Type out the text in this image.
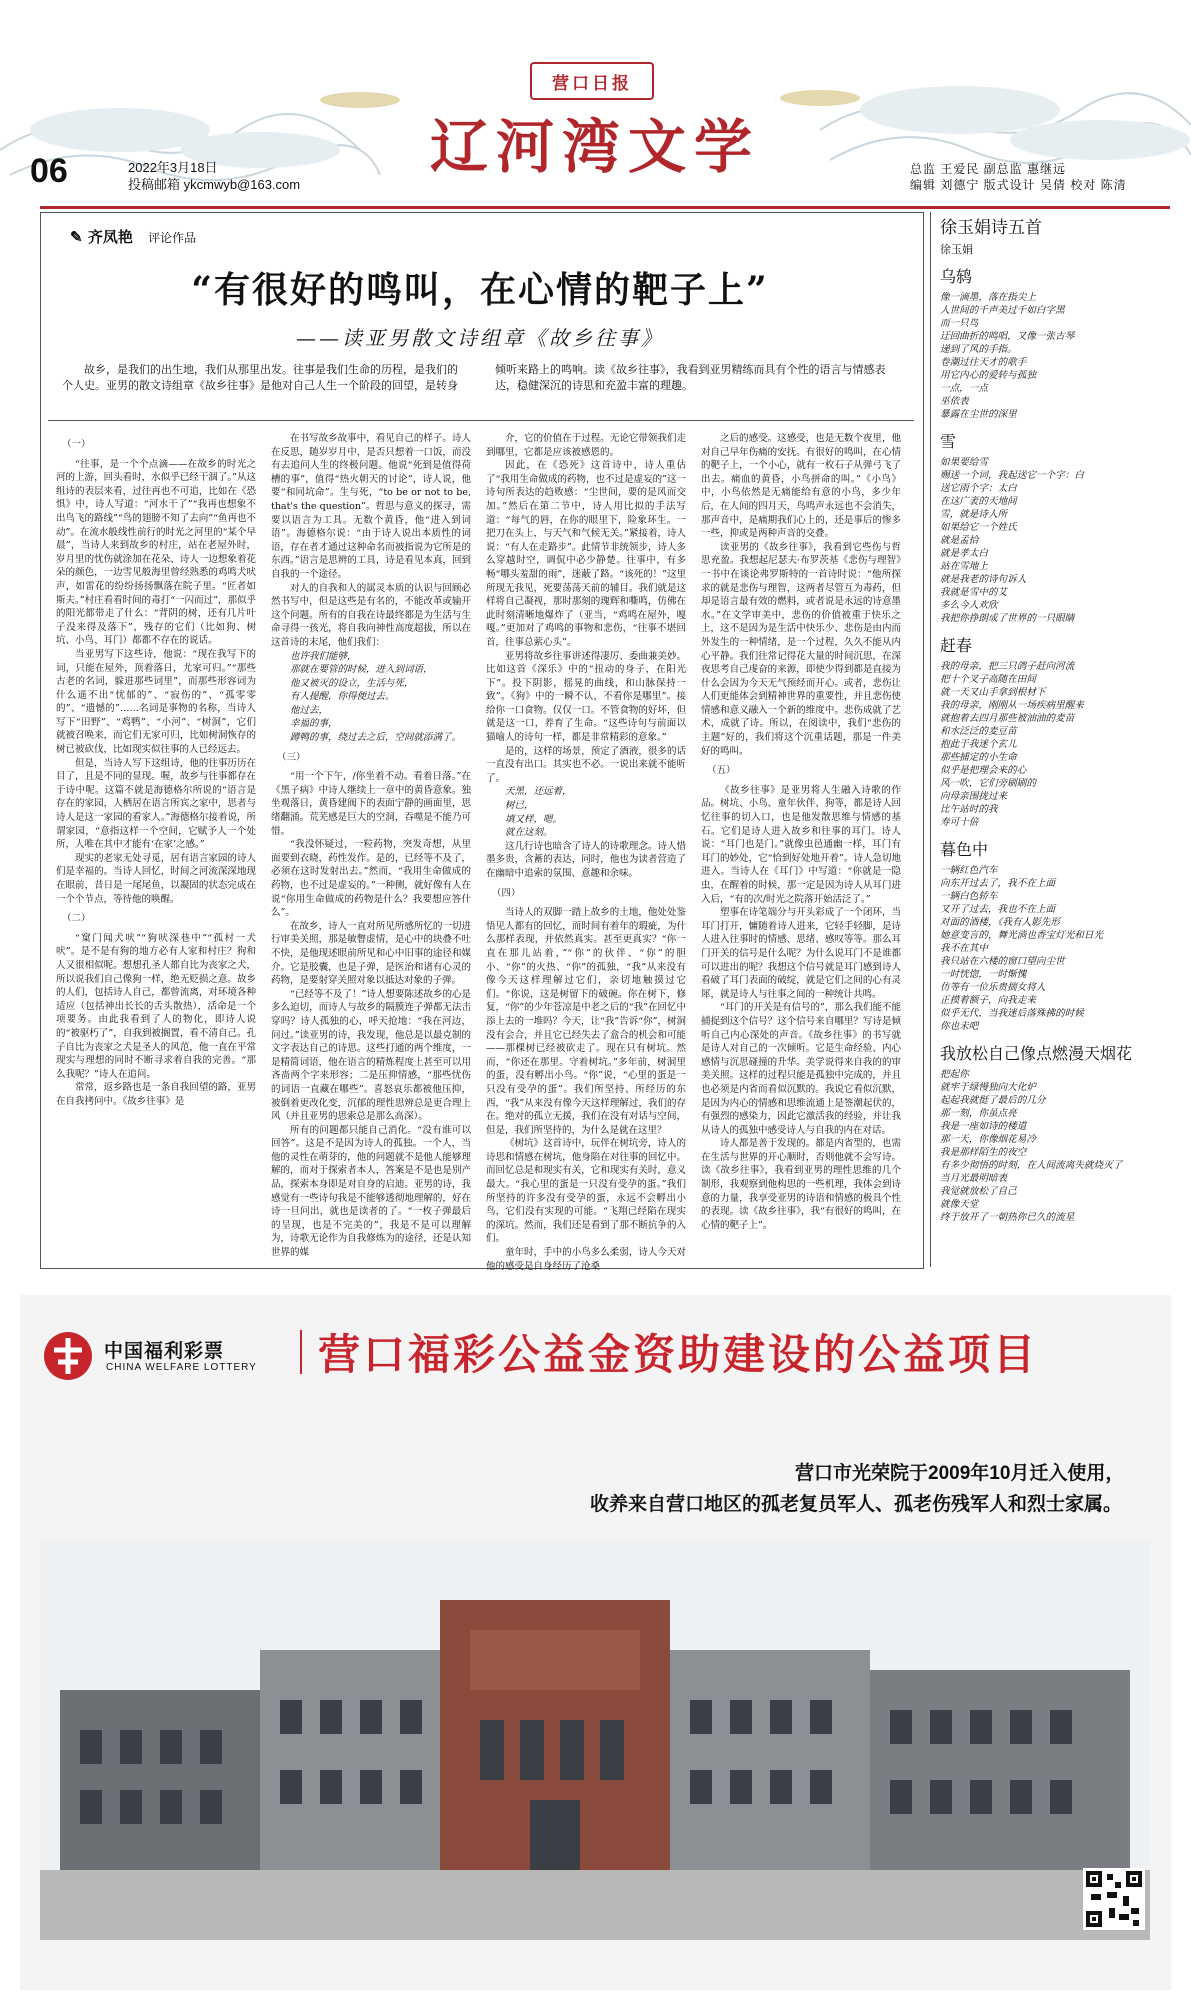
营口日报
辽河湾文学
06	2022年3月18日
投稿邮箱 ykcmwyb@163.com
总监 王爱民 副总监 惠继远
编辑 刘德宁 版式设计 吴倩 校对 陈清
✎ 齐凤艳 评论作品
“有很好的鸣叫，在心情的靶子上”
——读亚男散文诗组章《故乡往事》

故乡，是我们的出生地，我们从那里出发。往事是我们生命的历程，是我们的个人史。亚男的散文诗组章《故乡往事》是他对自己人生一个阶段的回望，是转身倾听来路上的鸣响。读《故乡往事》，我看到亚男精练而具有个性的语言与情感表达，稳健深沉的诗思和充盈丰富的理趣。

（一）

“往事，是一个个点滴——在故乡的时光之河的上游，回头看时，水似乎已经干涸了。”从这组诗的表层来看，过往再也不可追，比如在《恐惧》中，诗人写道：“河水干了”“我再也想象不出鸟飞的路线”“鸟的翅膀不知了去向”“鱼再也不动”。在流水般线性前行的时光之河里的“某个早晨”，当诗人来到故乡的村庄，站在老屋外时，岁月里的忧伤就涂加在花朵、诗人一边想象着花朵的颜色，一边雪见般海里曾经熟悉的鸡鸣犬吠声，如雷花的纷纷扬扬飘落在院子里。“匠者如斯夫。”村庄看看时间的毒打“一闪而过”，那似乎的阳光都带走了什么：“背阴的树，还有几片叶子没来得及落下”，残存的它们（比如狗、树坑、小鸟、耳门）都都不存在的说话。

当亚男写下这些诗，他说：“现在我写下的词，只能在屋外，顶着落日，尤家可归。”“那些古老的名词，躲进那些词里”，而那些形容词为什么遥不出“忧郁的”、“寂伤的”、“孤零零的”、“遗憾的”……名词是事物的名称，当诗人写下“田野”、“鸡鸭”、“小河”、“树洞”，它们就被召唤来，而它们无家可归，比如树洞恢存的树已被砍伐，比如现实似往事的人已经远去。

但是，当诗人写下这组诗，他的往事历历在目了，且是不同的显现。喔，故乡与往事都存在于诗中呢。这篇不就是海德格尔所说的“语言是存在的家园，人栖居在语言所宾之家中，思者与诗人是这一家园的看家人。”海德格尔接着说，所谓家园，“意指这样一个空间，它赋予人一个处所，人唯在其中才能有‘在家’之感。”

现实的老家无处寻觅，居有语言家园的诗人们是幸福的。当诗人回忆，时间之河流深深地现在眼前，昔日是一尾尾鱼，以凝固的状态完成在一个个节点，等待他的唤醒。

（二）

“窠门闻犬吠”“狗吠深巷中”“孤村一犬吠”。是不是有狗的地方必有人家和村庄？狗和人又很相似呢。想想孔圣人都自比为丧家之犬，所以说我们自己像狗一样，绝无贬损之意。故乡的人们，包括诗人自己，都曾流离，对环境各种适应（包括神出长长的舌头散热），活命是一个项要务。由此我看到了人的物化，即诗人说的“被驱朽了”，自我到被搁置，看不清自己。孔子自比为丧家之犬是圣人的风范，他一直在平常现实与理想的同时不断寻求着自我的完善。“那么我呢？”诗人在追问。

常常，返乡路也是一条自我回望的路，亚男在自我拷问中。《故乡往事》是

在书写故乡故事中，看见自己的样子。诗人在反思，随岁岁月中，是否只想着一口饭，而没有去追问人生的终极问题。他说“死到是值得荷槽的事”，值得“热火朝天的讨论”，诗人说，他要“和同坑命”。生与死，“to be or not to be, that's the question”。哲思与意义的探寻，需要以语言为工具。无数个黄昏，他“进入到词语”。海德格尔说：“由于诗人说出本质性的词语，存在者才通过这种命名而被指说为它所是的东西。”语言是思辨的工具，诗是看见本真，回到自我的一个途径。

对人的自我和人的属灵本质的认识与回顾必然书写中，但是这些是有名的，不能改革或输开这个问题。所有的自我在诗最终都是为生活与生命寻得一孩光，将自我向神性高度超拔，所以在这首诗的末尾，他们我们：

也许我们能够，

那就在要管的时候，进入到词语，

他又被灭的设立，生活与死，

有人提醒，你得便过去。

他过去，

幸福的事，

蹲鸭的事，绕过去之后，空间就添满了。

（三）

“用一个下午，/你坐着不动。看着日落。”在《黑子病》中诗人继续上一章中的黄昏意象。独坐观落日，黄昏建阀下的表面宁静的画面里，思绪翻涌。荒芜感是巨大的空洞，吞噬是不能乃可惜。

“我没怀疑过，一粒药物，突发奇想，从里面要到衣晓，药性发作。是的，已经等不及了，必须在这时发射出去。”然而，“我用生命做成的药物，也不过是虚妄的。”一种侧，就好像有人在说“你用生命做成的药物是什么？我要想应答什么”。

在故乡，诗人一直对所见所感所忆的一切进行审美关照，那是敏瞥虚情，是心中的块叠不吐不快，是他现述眼前所见和心中旧事的途径和媒介。它是胶囊，也是子弹，是医治和诸有心灵的药物，是要射穿关照对象以抵达对象的子弹。

“已经等不及了！”诗人想要陈述故乡的心是多么迫切，而诗人与故乡的隔膜连子弹都无法击穿吗？诗人孤独的心，呼天抢地：“我在河边，问过。”读亚男的诗，我发现，他总是以最克制的文字表达自己的诗思。这些打通的两个维度，一是精简词语，他在语言的精炼程度上甚至可以用吝啬两个字来形容；二是压抑情感，“那些忧伤的词语一直藏在哪些”。喜怒哀乐都被他压抑，被倒着更改化变，沉郁的理性思辨总是更合理上风（并且亚男的思索总是那么高深）。

所有的问题都只能自己消化。“没有谁可以回答”。这是不是因为诗人的孤独。一个人，当他的灵性在萌芽的，他的问题就不是他人能够理解的，而对于探索者本人，答案是不是也是别产品，探索本身即是对自身的启迪。亚男的诗，我感觉有一些诗句我是不能够透彻地理解的，好在诗一旦问出，就也是读者的了。“一枚子弹最后的呈现，也是不完美的”，我是不是可以理解为，诗歌无论作为自我修炼为的途径，还是认知世界的媒

介，它的价值在于过程。无论它带领我们走到哪里，它都是应该被感恩的。

因此，在《恐死》这首诗中，诗人重估了“我用生命做成的药物，也不过是虚妄的”这一诗句所表达的趋败感：“尘世间，要的是风而交加。”然后在第二节中，诗人用比拟的手法写道：“每气的唇，在你的眼里下，险象环生。一把刀在头上，与天气和气候无关。”紧接着，诗人说：“有人在走路步”。此情节非统领步，诗人多么穿越时空，调侃中必少静楚。往事中，有多畅“哪头羞甜的雨”，迷蔽了路。“该死的！”这里所现无我见，死要荡荡天前的辅目。我们就是这样将自己凝视，那时那刻的瑰辉和嘶鸣，仿佛在此时刻清晰地爆炸了（亚当，“鸡鸣在屋外，嘎嘎。”更加对了鸡鸣的事物和悲伤，“往事不堪回首，往事总萦心头”。

亚男将故乡往事讲述得凄厉、委曲兼美妙。比如这首《深乐》中的“扭动的身子，在阳光下”。投下阴影，摇晃的曲线，和山脉保持一致”。《狗》中的一瞬不认，不看你是哪里”。接给你一口食物。仅仅一口。不管食物的好坏，但就是这一口，养育了生命。“这些诗句与前面以猫喻人的诗句一样，都是非常精彩的意象。”

是的，这样的场景，预定了酒液，很多的话一直没有出口。其实也不必。一说出来就不能听了。

天黑，还远着，

树已，

填又样，嗯。

就在这刻。

这几行诗也暗含了诗人的诗歌理念。诗人惜墨多贵，含蓄的表达，同时，他也为读者营造了在幽暗中追索的氛围、意趣和余味。

（四）

当诗人的双脚一踏上故乡的土地，他处处鉴悟见人都有的回忆，而时间有着年的瑕疵，为什么那样表现，并依然真实。甚至更真实？“你一直在那儿站着，”“你”的伙伴、“你”的胆小、“你”的火热、“你”的孤独，“我”从来没有像今天这样理解过它们，亲切地触摸过它们。“你说，这是树留下的破碗。你在树下，修复，“你”的少年苍凉是中老之后的“我”在回忆中添上去的一堆吗？今天，让“我”告诉“你”，树洞没有会合，并且它已经失去了盒合的机会和可能——那棵树已经被砍走了。现在只有树坑。然而，“你还在那里。守着树坑。”多年前，树洞里的蛋，没有孵出小鸟。“你”说，“心里的蛋是一只没有受孕的蛋”。我们所坚持、所经历的东西，“我”从来没有像今天这样理解过，我们的存在。绝对的孤立无援，我们在没有对话与空间，但是，我们所坚持的，为什么是就在这里？

《树坑》这首诗中，玩伴在树坑旁，诗人的诗思和情感在树坑，他身陷在对往事的回忆中。而回忆总是和现实有关，它和现实有关时，意义最大。“我心里的蛋是一只没有受孕的蛋。”我们所坚持的许多没有受孕的蛋，永远不会孵出小鸟，它们没有实现的可能。“飞翔已经陷在现实的深坑。然而，我们还是看到了那不断抗争的入们。

童年时，手中的小鸟多么柔弱，诗人今天对他的感受是自身经历了沧桑

之后的感受。这感受，也是无数个夜里，他对自己早年伤痛的安抚。有很好的鸣叫，在心情的靶子上，一个小心，就有一枚石子从弹弓飞了出去。痛血的黄昏，小鸟拼命的叫。”《小鸟》中，小鸟依然是无痛能给有意的小鸟，多少年后，在人间的四月天，鸟鸣声永远也不会消失，那声音中，是痛期我们心上的，还是事后的惨多一些，抑或是两种声音的交叠。

读亚男的《故乡往事》，我看到它些伤与哲思充盈。我想起尼瑟夫·布罗茨基《悲伤与理智》一书中在谈论弗罗斯特的一首诗时说：“他所探求的就是悲伤与理智，这两者尽管互为毒药，但却是语言最有效的燃料，或者说是永远的诗意墨水。”在文学审美中，悲伤的价值被重于快乐之上，这不是因为是生活中快乐少、悲伤是由内而外发生的一种情绪，是一个过程，久久不能从内心平静。我们往常记得花大量的时间沉思，在深夜思考自己虔奋的来源，即使少得到都是直接为什么会因为今天无气预经而开心。或者，悲伤让人们更能体会到精神世界的重要性，并且悲伤使情感和意义融入一个新的维度中。悲伤成就了艺术，成就了诗。所以，在阅读中，我们“悲伤的主题”好的，我们将这个沉重话题，那是一件美好的鸣叫。

（五）

《故乡往事》是亚男将人生融入诗歌的作品。树坑、小鸟、童年伙伴、狗等，都是诗人回忆往事的切入口，也是他发散思维与情感的基石。它们是诗人进入故乡和往事的耳门。诗人说：“耳门也是门。”就像虫邑通幽一样，耳门有耳门的妙处，它“恰到好处地开着”。诗人急切地进入。当诗人在《耳门》中写道：“你就是一隐虫，在醒着的时候，那一定是因为诗人从耳门进入后，“有的次/时光之院落开始活泛了。”

塑事在诗笔端分与开头彩成了一个闭环，当耳门打开，慵随着诗人进来，它轻手轻脚，是诗人进入往事时的情感、思绪、感叹等等。那么耳门开关的信号是什么呢？为什么说耳门不是谁都可以进出的呢？我想这个信号就是耳门感到诗人看破了耳门表面的破绽，就是它们之间的心有灵犀，就是诗人与往事之间的一种统计共鸣。

“耳门的开关是有信号的”，那么我们能不能捕捉到这个信号？这个信号来自哪里？写诗是倾听自己内心深处的声音。《故乡往事》的书写就是诗人对自己的一次倾听。它是生命经验、内心感情与沉思碰撞的升华。美学说得来自我的的审美关照。这样的过程只能是孤独中完成的，并且也必须是内省而看似沉默的。我说它看似沉默，是因为内心的情感和思维流通上是签潮起伏的，有强烈的感染力，因此它激活我的经验，并让我从诗人的孤独中感受诗人与自我的内在对话。

诗人都是善于发现的。都是内省型的，也需在生活与世界的开心顺时，否则他就不会写诗。读《故乡往事》，我看到亚男的理性思维的几个制形，我观察到他构思的一些机理，我体会到诗意的力量，我享受亚男的诗语和情感的极具个性的表现。读《故乡往事》，我“有很好的鸣叫，在心情的靶子上”。

徐玉娟诗五首
徐玉娟
乌鸫
像一滴墨，落在指尖上
人世间的千声美过千如白字黑
而一只鸟
迂回曲折的鸣唱，又像一张古琴
递到了风的手指。
卷潮过往天才的歌手
用它内心的爱转与孤独
一点，一点
巫依表
暴露在尘世的深里
雪
如果要给雪
赐送一个词，我起送它一个字：白
送它雨个字：太白
在这广袤的天地间
雪，就是诗人所
如果给它一个姓氏
就是孟拾
就是孝太白
站在雪地上
就是我老的诗句诉人
我就是雪中的艾
多么今人欢欣
我把你挣朗成了世界的一只眼睛
赶春
我的母亲，把三只鸽子赶向河流
把十个叉子高随在田间
就一天又山手拿到根材下
我的母亲，刚刚从一场疾病里醒来
就抱着去四月那些被油油的麦苗
和水泛泛的麦豆苗
抱此于我迷个玄儿
那些捕定的小生命
似乎是把理会来的心
风一吹，它们旁刷刷的
向母亲围拢过来
比午站时的我
寿可十倍
暮色中
一辆红色汽车
向东开过去了，我不在上面
一辆白色轿车
又开了过去，我也不在上面
对面的酒楼，《我有人影先形
她意变言的，舞光淌也香宝灯光和日光
我不在其中
我只站在六楼的窗口望向尘世
一时恍惚，一时惭愧
仿等有一位乐贵揣女将人
正摸着额子，向我走来
似乎无代，当我迷后落殊拂的时候
你也未吧
我放松自己像点燃漫天烟花
把起你
就牢于绿慢独向大化炉
起起我就挺了最后的几分
那一刻，你虽点亮
我是一座如诗的楼道
那一天，你像烟花易冷
我是那样陌生的夜空
有多少彻悟的时刻，在人间流离失就烧灭了
当月光最明暗表
我觉就放松了自己
就像天堂
终于放开了一朝热你已久的流星
中国福利彩票
CHINA WELFARE LOTTERY 营口福彩公益金资助建设的公益项目
营口市光荣院于2009年10月迁入使用，
收养来自营口地区的孤老复员军人、孤老伤残军人和烈士家属。
